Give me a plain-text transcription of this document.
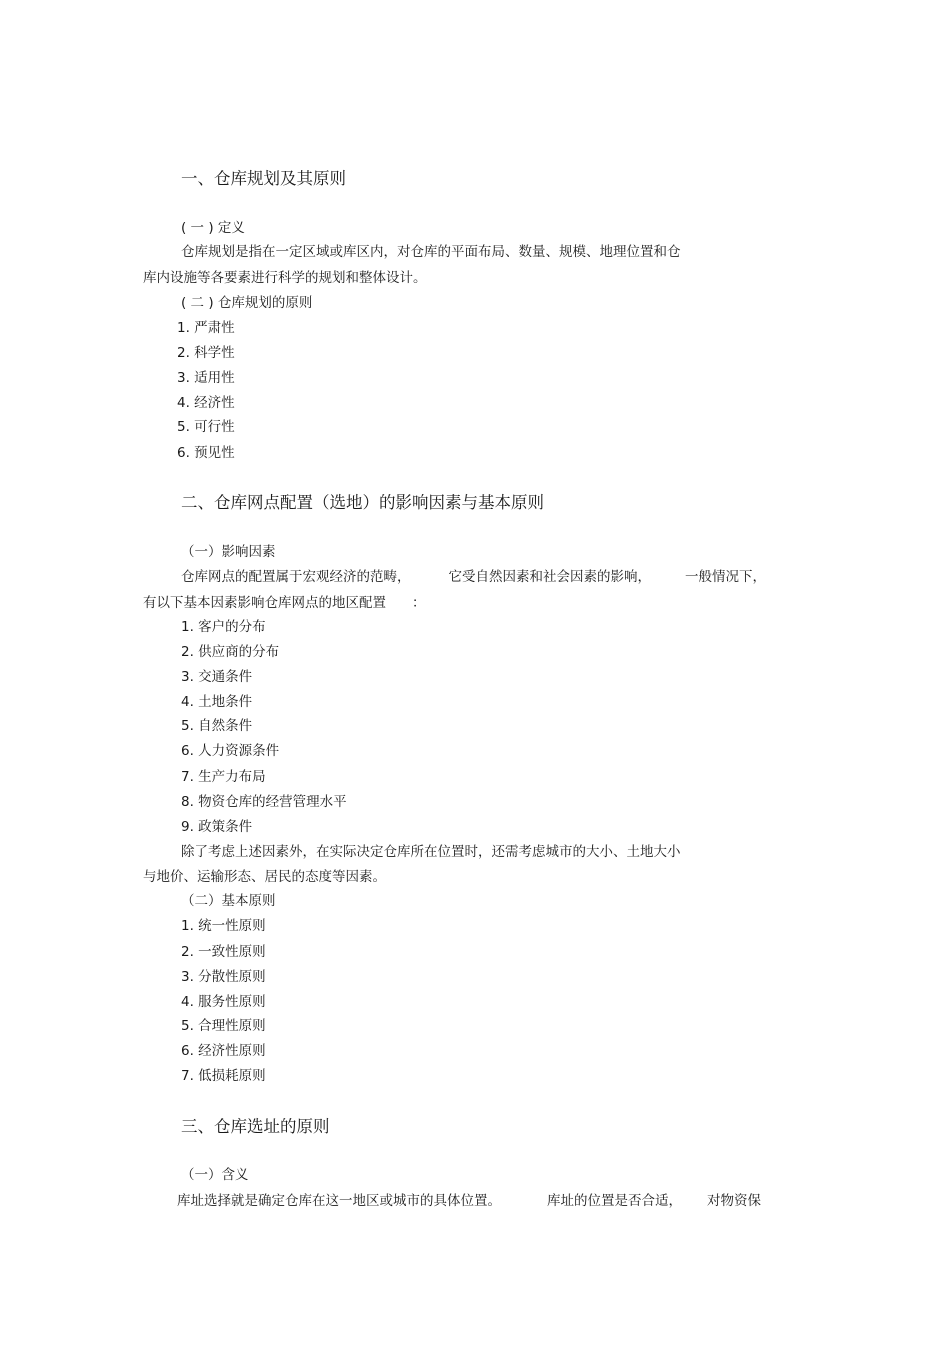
一、仓库规划及其原则
( 一 ) 定义
仓库规划是指在一定区域或库区内，对仓库的平面布局、数量、规模、地理位置和仓
库内设施等各要素进行科学的规划和整体设计。
( 二 ) 仓库规划的原则
1. 严肃性
2. 科学性
3. 适用性
4. 经济性
5. 可行性
6. 预见性
二、仓库网点配置（选地）的影响因素与基本原则
（一）影响因素
仓库网点的配置属于宏观经济的范畴，	它受自然因素和社会因素的影响，	一般情况下，
有以下基本因素影响仓库网点的地区配置 ：
1. 客户的分布
2. 供应商的分布
3. 交通条件
4. 土地条件
5. 自然条件
6. 人力资源条件
7. 生产力布局
8. 物资仓库的经营管理水平
9. 政策条件
除了考虑上述因素外，在实际决定仓库所在位置时，还需考虑城市的大小、土地大小
与地价、运输形态、居民的态度等因素。
（二）基本原则
1. 统一性原则
2. 一致性原则
3. 分散性原则
4. 服务性原则
5. 合理性原则
6. 经济性原则
7. 低损耗原则
三、仓库选址的原则
（一）含义
库址选择就是确定仓库在这一地区或城市的具体位置。	库址的位置是否合适， 对物资保
